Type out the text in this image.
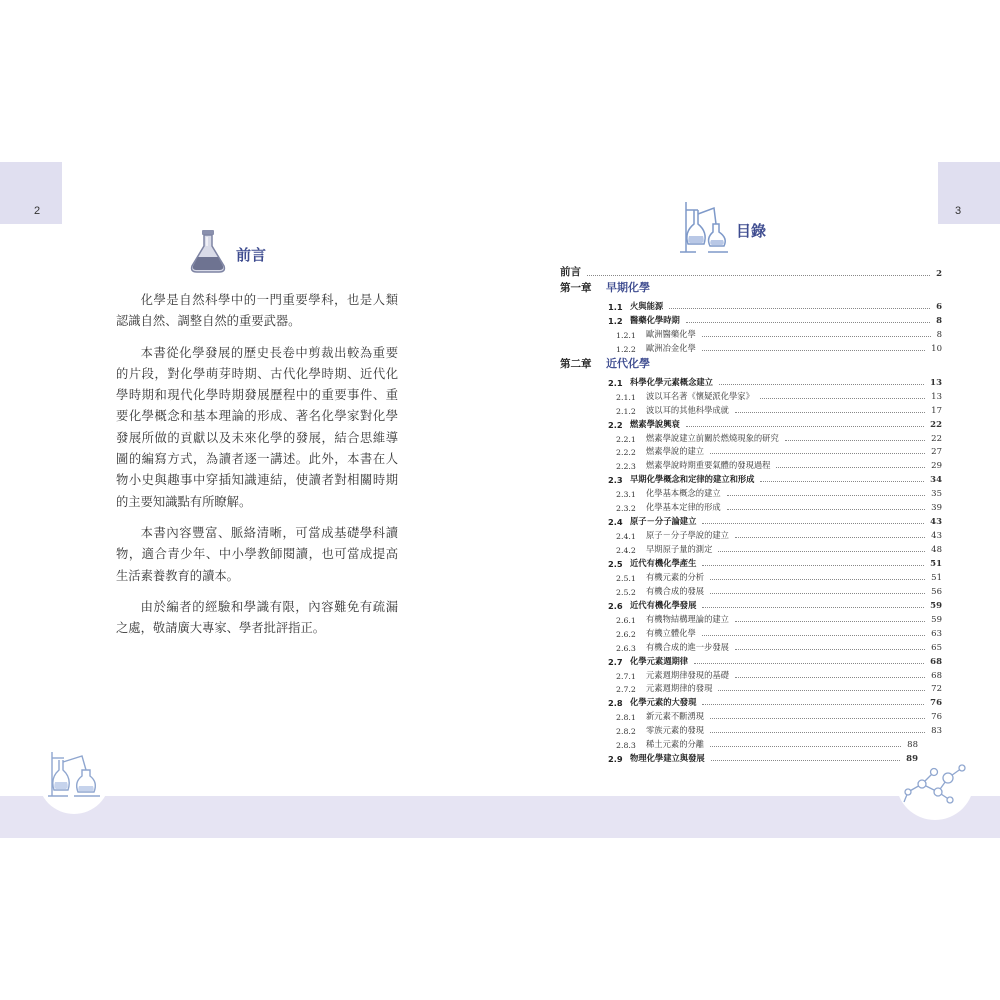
2	3
前言

化學是自然科學中的一門重要學科，也是人類認識自然、調整自然的重要武器。

本書從化學發展的歷史長卷中剪裁出較為重要的片段，對化學萌芽時期、古代化學時期、近代化學時期和現代化學時期發展歷程中的重要事件、重要化學概念和基本理論的形成、著名化學家對化學發展所做的貢獻以及未來化學的發展，結合思維導圖的編寫方式，為讀者逐一講述。此外，本書在人物小史與趣事中穿插知識連結，使讀者對相關時期的主要知識點有所瞭解。

本書內容豐富、脈絡清晰，可當成基礎學科讀物，適合青少年、中小學教師閱讀，也可當成提高生活素養教育的讀本。

由於編者的經驗和學識有限，內容難免有疏漏之處，敬請廣大專家、學者批評指正。

目錄
前言	2
第一章	早期化學
1.1 火與能源	6
1.2 醫藥化學時期	8
1.2.1	歐洲醫藥化學	8
1.2.2	歐洲冶金化學	10
第二章	近代化學
2.1 科學化學元素概念建立	13
2.1.1	波以耳名著《懷疑派化學家》	13
2.1.2	波以耳的其他科學成就	17
2.2 燃素學說興衰	22
2.2.1	燃素學說建立前關於燃燒現象的研究	22
2.2.2	燃素學說的建立	27
2.2.3	燃素學說時期重要氣體的發現過程	29
2.3 早期化學概念和定律的建立和形成	34
2.3.1	化學基本概念的建立	35
2.3.2	化學基本定律的形成	39
2.4 原子－分子論建立	43
2.4.1	原子－分子學說的建立	43
2.4.2	早期原子量的測定	48
2.5 近代有機化學產生	51
2.5.1	有機元素的分析	51
2.5.2	有機合成的發展	56
2.6 近代有機化學發展	59
2.6.1	有機物結構理論的建立	59
2.6.2	有機立體化學	63
2.6.3	有機合成的進一步發展	65
2.7 化學元素週期律	68
2.7.1	元素週期律發現的基礎	68
2.7.2	元素週期律的發現	72
2.8 化學元素的大發現	76
2.8.1	新元素不斷湧現	76
2.8.2	零族元素的發現	83
2.8.3	稀土元素的分離	88
2.9 物理化學建立與發展	89
